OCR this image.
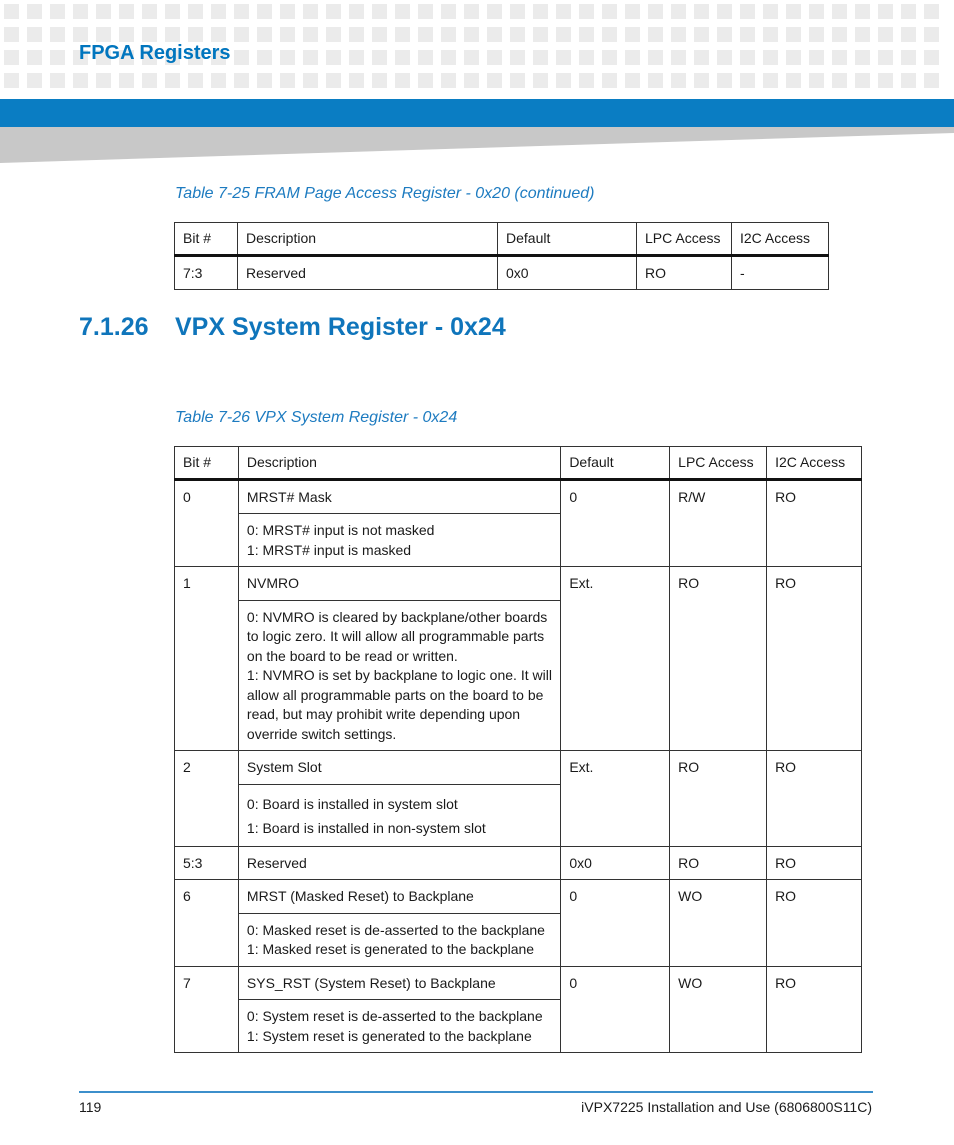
FPGA Registers

Table 7-25 FRAM Page Access Register - 0x20 (continued)

Bit #	Description	Default	LPC Access	I2C Access
7:3	Reserved	0x0	RO	-
7.1.26 VPX System Register - 0x24

Table 7-26 VPX System Register - 0x24

Bit #	Description	Default	LPC Access	I2C Access
0	MRST# Mask	0	R/W	RO
	0: MRST# input is not masked
1: MRST# input is masked			
1	NVMRO	Ext.	RO	RO
	0: NVMRO is cleared by backplane/other boards to logic zero. It will allow all programmable parts on the board to be read or written.
1: NVMRO is set by backplane to logic one. It will allow all programmable parts on the board to be read, but may prohibit write depending upon override switch settings.			
2	System Slot	Ext.	RO	RO
	0: Board is installed in system slot
1: Board is installed in non-system slot			
5:3	Reserved	0x0	RO	RO
6	MRST (Masked Reset) to Backplane	0	WO	RO
	0: Masked reset is de-asserted to the backplane
1: Masked reset is generated to the backplane			
7	SYS_RST (System Reset) to Backplane	0	WO	RO
	0: System reset is de-asserted to the backplane
1: System reset is generated to the backplane			
119	iVPX7225 Installation and Use (6806800S11C)
